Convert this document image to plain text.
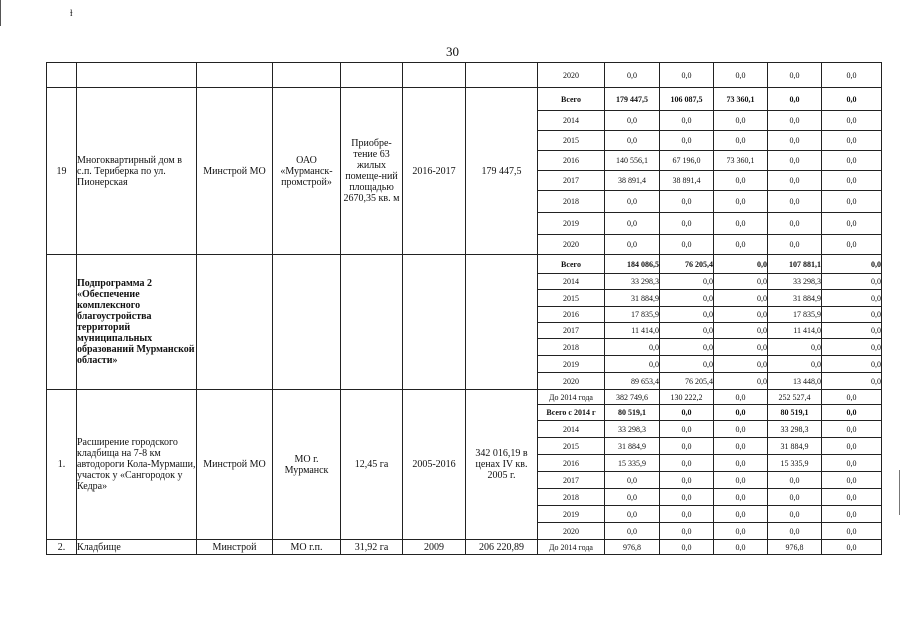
ɫ
30
							2020	0,0	0,0	0,0	0,0	0,0
19	Многоквартирный дом в с.п. Териберка по ул. Пионерская	Минстрой МО	ОАО «Мурманск-промстрой»	Приобре-тение 63 жилых помеще-ний площадью 2670,35 кв. м	2016-2017	179 447,5	Всего	179 447,5	106 087,5	73 360,1	0,0	0,0
							2014	0,0	0,0	0,0	0,0	0,0
							2015	0,0	0,0	0,0	0,0	0,0
							2016	140 556,1	67 196,0	73 360,1	0,0	0,0
							2017	38 891,4	38 891,4	0,0	0,0	0,0
							2018	0,0	0,0	0,0	0,0	0,0
							2019	0,0	0,0	0,0	0,0	0,0
							2020	0,0	0,0	0,0	0,0	0,0
	Подпрограмма 2 «Обеспечение комплексного благоустройства территорий муниципальных образований Мурманской области»						Всего	184 086,5	76 205,4	0,0	107 881,1	0,0
							2014	33 298,3	0,0	0,0	33 298,3	0,0
							2015	31 884,9	0,0	0,0	31 884,9	0,0
							2016	17 835,9	0,0	0,0	17 835,9	0,0
							2017	11 414,0	0,0	0,0	11 414,0	0,0
							2018	0,0	0,0	0,0	0,0	0,0
							2019	0,0	0,0	0,0	0,0	0,0
							2020	89 653,4	76 205,4	0,0	13 448,0	0,0
1.	Расширение городского кладбища на 7-8 км автодороги Кола-Мурмаши, участок у «Сангородок у Кедра»	Минстрой МО	МО г. Мурманск	12,45 га	2005-2016	342 016,19 в ценах IV кв. 2005 г.	До 2014 года	382 749,6	130 222,2	0,0	252 527,4	0,0
							Всего с 2014 г	80 519,1	0,0	0,0	80 519,1	0,0
							2014	33 298,3	0,0	0,0	33 298,3	0,0
							2015	31 884,9	0,0	0,0	31 884,9	0,0
							2016	15 335,9	0,0	0,0	15 335,9	0,0
							2017	0,0	0,0	0,0	0,0	0,0
							2018	0,0	0,0	0,0	0,0	0,0
							2019	0,0	0,0	0,0	0,0	0,0
							2020	0,0	0,0	0,0	0,0	0,0
2.	Кладбище	Минстрой	МО г.п.	31,92 га	2009	206 220,89	До 2014 года	976,8	0,0	0,0	976,8	0,0
